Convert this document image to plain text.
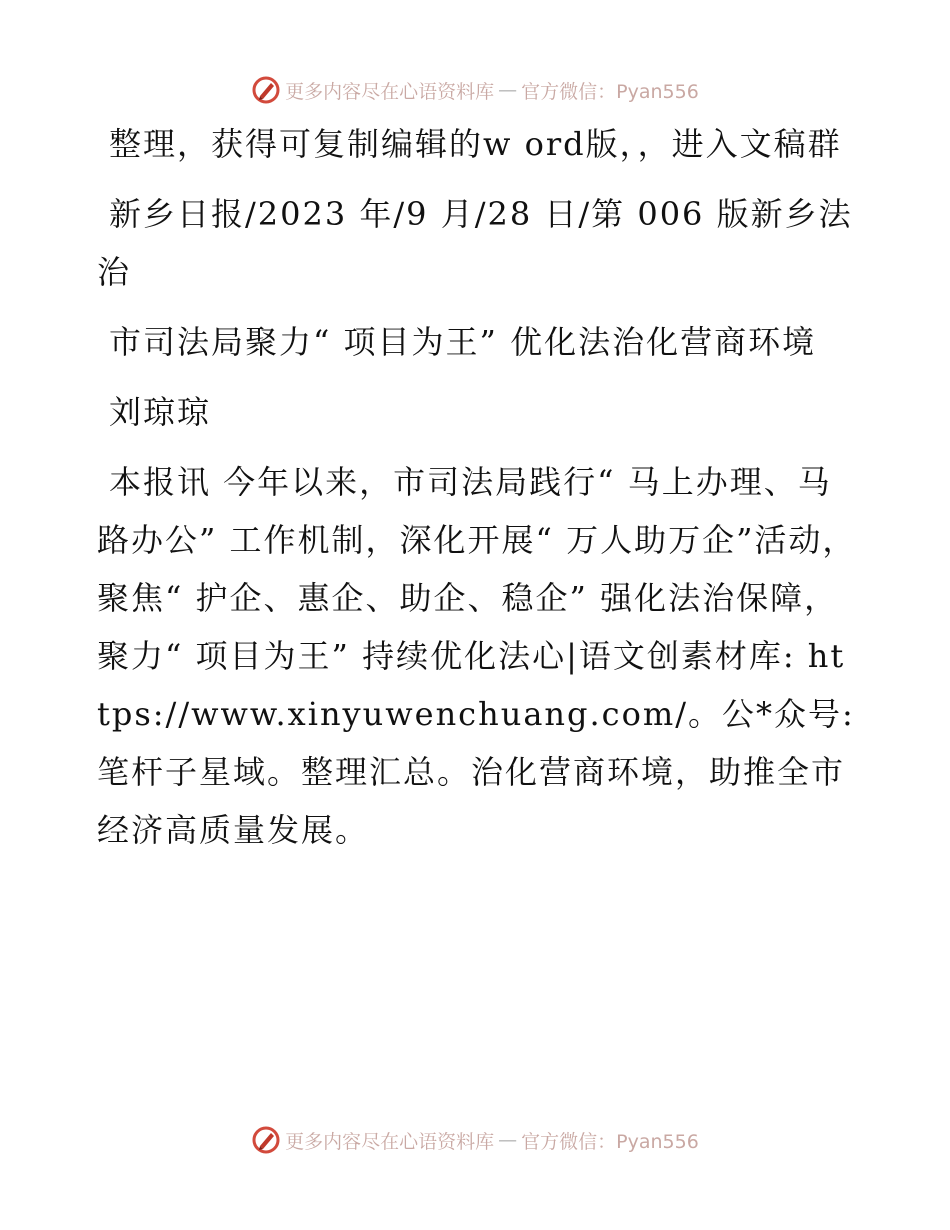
更多内容尽在心语资料库 — 官方微信：Pyan556

整理，获得可复制编辑的w ord版，，进入文稿群

新乡日报/2023 年/9 月/28 日/第 006 版新乡法治

市司法局聚力“ 项目为王” 优化法治化营商环境

刘琼琼

本报讯 今年以来，市司法局践行“ 马上办理、马路办公” 工作机制，深化开展“ 万人助万企”活动，聚焦“ 护企、惠企、助企、稳企” 强化法治保障，聚力“ 项目为王” 持续优化法心|语文创素材库: https://www.xinyuwenchuang.com/。公*众号: 笔杆子星域。整理汇总。治化营商环境，助推全市经济高质量发展。

更多内容尽在心语资料库 — 官方微信：Pyan556
